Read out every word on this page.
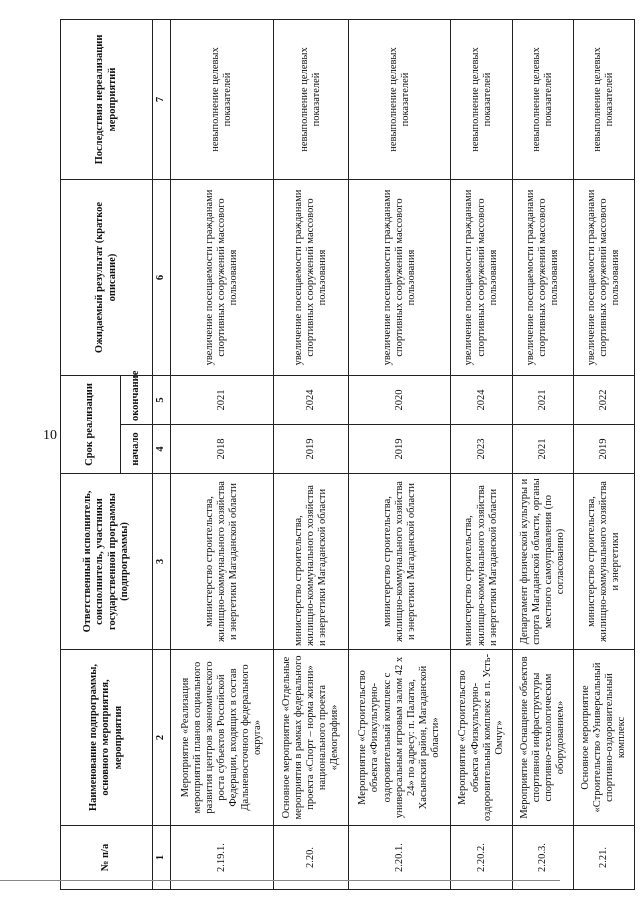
10
№ п/а	Наименование подпрограммы, основного мероприятия, мероприятия	Ответственный исполнитель, соисполнитель, участники государственной программы (подпрограммы)	Срок реализации		Ожидаемый результат (краткое описание)	Последствия нереализации мероприятий
			начало	окончание		
1	2	3	4	5	6	7
2.19.1.	Мероприятие «Реализация мероприятий планов социального развития центров экономического роста субъектов Российской Федерации, входящих в состав Дальневосточного федерального округа»	министерство строительства, жилищно-коммунального хозяйства и энергетики Магаданской области	2018	2021	увеличение посещаемости гражданами спортивных сооружений массового пользования	невыполнение целевых показателей
2.20.	Основное мероприятие «Отдельные мероприятия в рамках федерального проекта «Спорт – норма жизни» национального проекта «Демография»	министерство строительства, жилищно-коммунального хозяйства и энергетики Магаданской области	2019	2024	увеличение посещаемости гражданами спортивных сооружений массового пользования	невыполнение целевых показателей
2.20.1.	Мероприятие «Строительство объекта «Физкультурно-оздоровительный комплекс с универсальным игровым залом 42 х 24» по адресу: п. Палатка, Хасынский район, Магаданской области»	министерство строительства, жилищно-коммунального хозяйства и энергетики Магаданской области	2019	2020	увеличение посещаемости гражданами спортивных сооружений массового пользования	невыполнение целевых показателей
2.20.2.	Мероприятие «Строительство объекта «Физкультурно-оздоровительный комплекс в п. Усть-Омчуг»	министерство строительства, жилищно-коммунального хозяйства и энергетики Магаданской области	2023	2024	увеличение посещаемости гражданами спортивных сооружений массового пользования	невыполнение целевых показателей
2.20.3.	Мероприятие «Оснащение объектов спортивной инфраструктуры спортивно-технологическим оборудованием»	Департамент физической культуры и спорта Магаданской области, органы местного самоуправления (по согласованию)	2021	2021	увеличение посещаемости гражданами спортивных сооружений массового пользования	невыполнение целевых показателей
2.21.	Основное мероприятие «Строительство «Универсальный спортивно-оздоровительный комплекс	министерство строительства, жилищно-коммунального хозяйства и энергетики	2019	2022	увеличение посещаемости гражданами спортивных сооружений массового пользования	невыполнение целевых показателей
